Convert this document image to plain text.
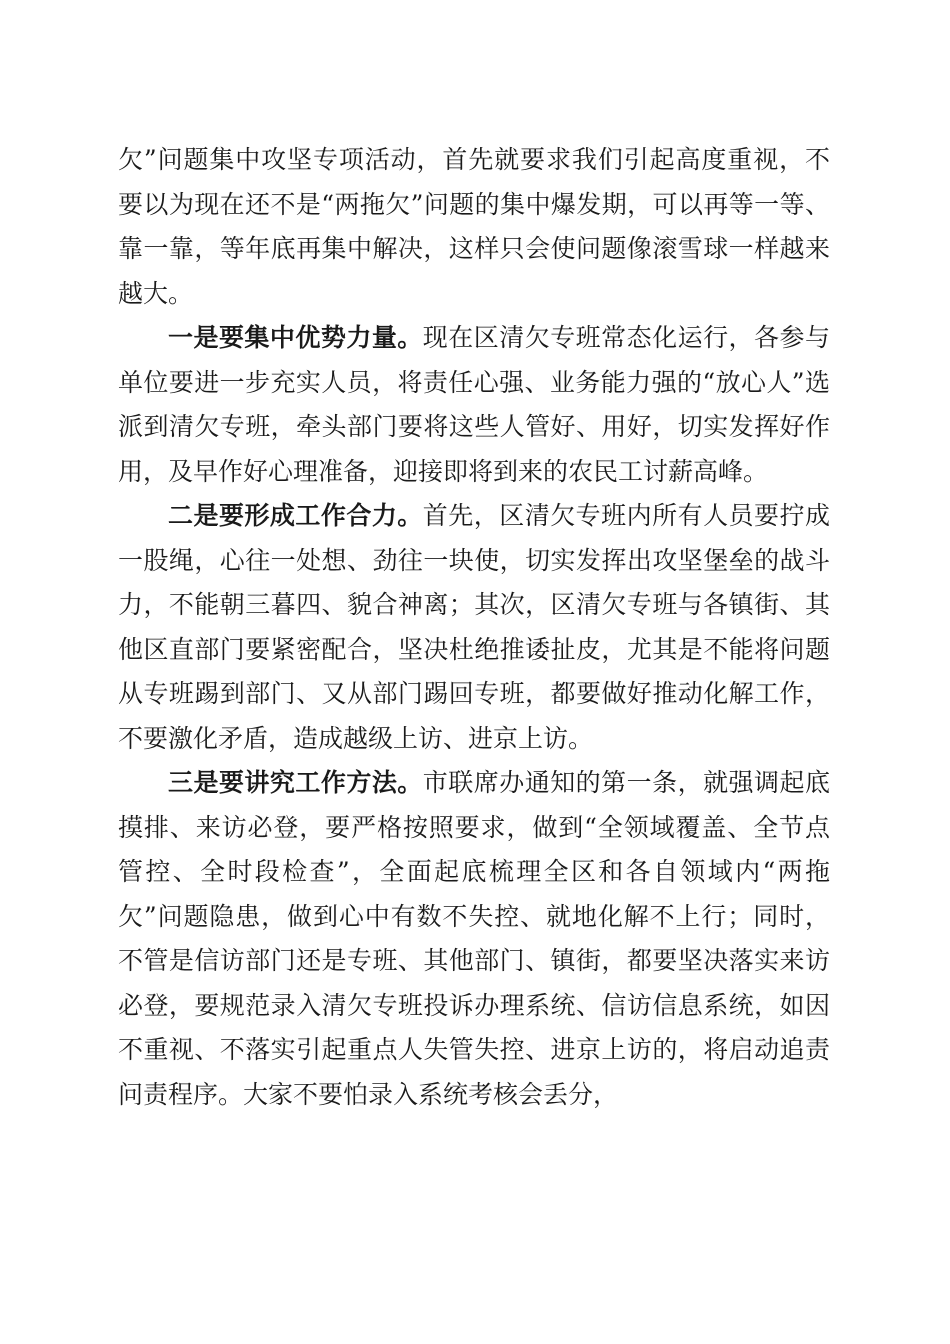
欠”问题集中攻坚专项活动，首先就要求我们引起高度重视，不要以为现在还不是“两拖欠”问题的集中爆发期，可以再等一等、靠一靠，等年底再集中解决，这样只会使问题像滚雪球一样越来越大。

一是要集中优势力量。现在区清欠专班常态化运行，各参与单位要进一步充实人员，将责任心强、业务能力强的“放心人”选派到清欠专班，牵头部门要将这些人管好、用好，切实发挥好作用，及早作好心理准备，迎接即将到来的农民工讨薪高峰。

二是要形成工作合力。首先，区清欠专班内所有人员要拧成一股绳，心往一处想、劲往一块使，切实发挥出攻坚堡垒的战斗力，不能朝三暮四、貌合神离；其次，区清欠专班与各镇街、其他区直部门要紧密配合，坚决杜绝推诿扯皮，尤其是不能将问题从专班踢到部门、又从部门踢回专班，都要做好推动化解工作，不要激化矛盾，造成越级上访、进京上访。

三是要讲究工作方法。市联席办通知的第一条，就强调起底摸排、来访必登，要严格按照要求，做到“全领域覆盖、全节点管控、全时段检查”，全面起底梳理全区和各自领域内“两拖欠”问题隐患，做到心中有数不失控、就地化解不上行；同时，不管是信访部门还是专班、其他部门、镇街，都要坚决落实来访必登，要规范录入清欠专班投诉办理系统、信访信息系统，如因不重视、不落实引起重点人失管失控、进京上访的，将启动追责问责程序。大家不要怕录入系统考核会丢分，
